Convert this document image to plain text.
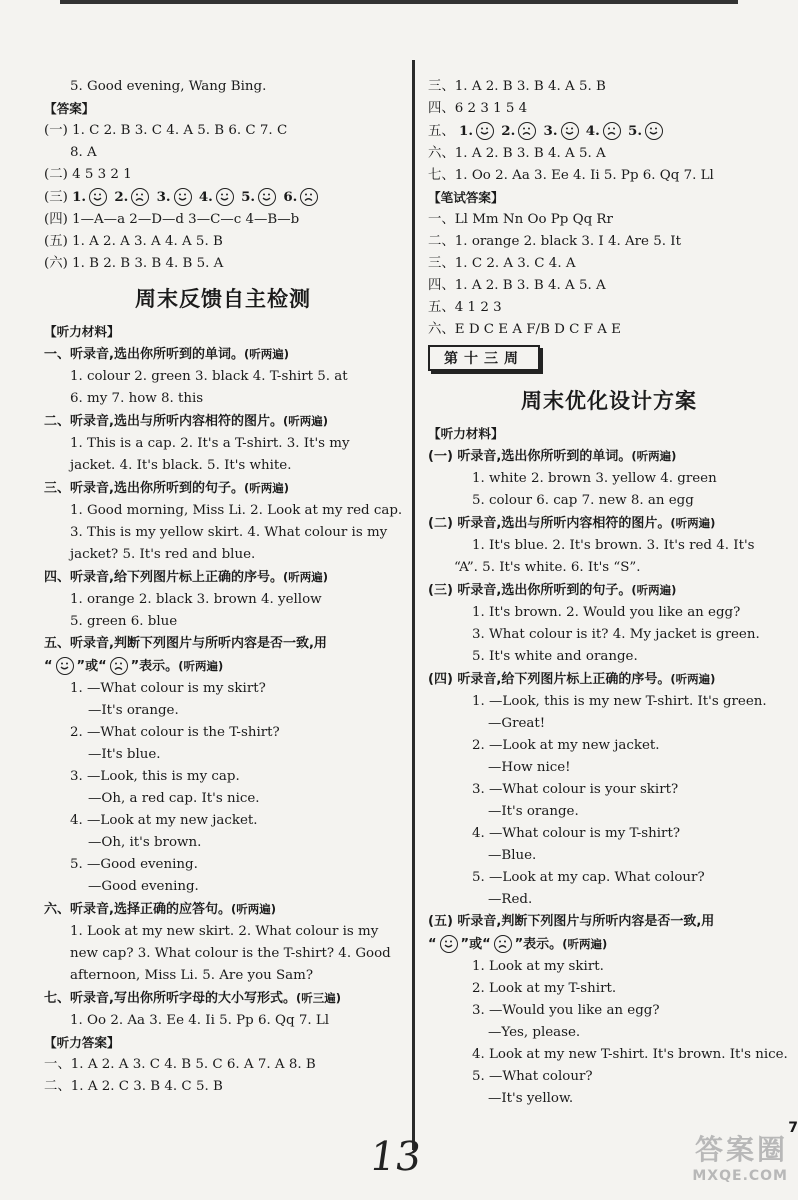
5. Good evening, Wang Bing.
【答案】
(一) 1. C 2. B 3. C 4. A 5. B 6. C 7. C
8. A
(二) 4 5 3 2 1
(三) 1. 2. 3. 4. 5. 6.
(四) 1—A—a 2—D—d 3—C—c 4—B—b
(五) 1. A 2. A 3. A 4. A 5. B
(六) 1. B 2. B 3. B 4. B 5. A
周末反馈自主检测
【听力材料】
一、听录音,选出你所听到的单词。(听两遍)
1. colour 2. green 3. black 4. T-shirt 5. at
6. my 7. how 8. this
二、听录音,选出与所听内容相符的图片。(听两遍)
1. This is a cap. 2. It's a T-shirt. 3. It's my
jacket. 4. It's black. 5. It's white.
三、听录音,选出你所听到的句子。(听两遍)
1. Good morning, Miss Li. 2. Look at my red cap.
3. This is my yellow skirt. 4. What colour is my
jacket? 5. It's red and blue.
四、听录音,给下列图片标上正确的序号。(听两遍)
1. orange 2. black 3. brown 4. yellow
5. green 6. blue
五、听录音,判断下列图片与所听内容是否一致,用
“ ”或“ ”表示。(听两遍)
1. —What colour is my skirt?
—It's orange.
2. —What colour is the T-shirt?
—It's blue.
3. —Look, this is my cap.
—Oh, a red cap. It's nice.
4. —Look at my new jacket.
—Oh, it's brown.
5. —Good evening.
—Good evening.
六、听录音,选择正确的应答句。(听两遍)
1. Look at my new skirt. 2. What colour is my
new cap? 3. What colour is the T-shirt? 4. Good
afternoon, Miss Li. 5. Are you Sam?
七、听录音,写出你所听字母的大小写形式。(听三遍)
1. Oo 2. Aa 3. Ee 4. Ii 5. Pp 6. Qq 7. Ll
【听力答案】
一、1. A 2. A 3. C 4. B 5. C 6. A 7. A 8. B
二、1. A 2. C 3. B 4. C 5. B
三、1. A 2. B 3. B 4. A 5. B
四、6 2 3 1 5 4
五、 1. 2. 3. 4. 5.
六、1. A 2. B 3. B 4. A 5. A
七、1. Oo 2. Aa 3. Ee 4. Ii 5. Pp 6. Qq 7. Ll
【笔试答案】
一、Ll Mm Nn Oo Pp Qq Rr
二、1. orange 2. black 3. I 4. Are 5. It
三、1. C 2. A 3. C 4. A
四、1. A 2. B 3. B 4. A 5. A
五、4 1 2 3
六、E D C E A F/B D C F A E
第十三周
周末优化设计方案
【听力材料】
(一) 听录音,选出你所听到的单词。(听两遍)
1. white 2. brown 3. yellow 4. green
5. colour 6. cap 7. new 8. an egg
(二) 听录音,选出与所听内容相符的图片。(听两遍)
1. It's blue. 2. It's brown. 3. It's red 4. It's
“A”. 5. It's white. 6. It's “S”.
(三) 听录音,选出你所听到的句子。(听两遍)
1. It's brown. 2. Would you like an egg?
3. What colour is it? 4. My jacket is green.
5. It's white and orange.
(四) 听录音,给下列图片标上正确的序号。(听两遍)
1. —Look, this is my new T-shirt. It's green.
—Great!
2. —Look at my new jacket.
—How nice!
3. —What colour is your skirt?
—It's orange.
4. —What colour is my T-shirt?
—Blue.
5. —Look at my cap. What colour?
—Red.
(五) 听录音,判断下列图片与所听内容是否一致,用
“ ”或“ ”表示。(听两遍)
1. Look at my skirt.
2. Look at my T-shirt.
3. —Would you like an egg?
—Yes, please.
4. Look at my new T-shirt. It's brown. It's nice.
5. —What colour?
—It's yellow.
7
13	答案圈
MXQE.COM
